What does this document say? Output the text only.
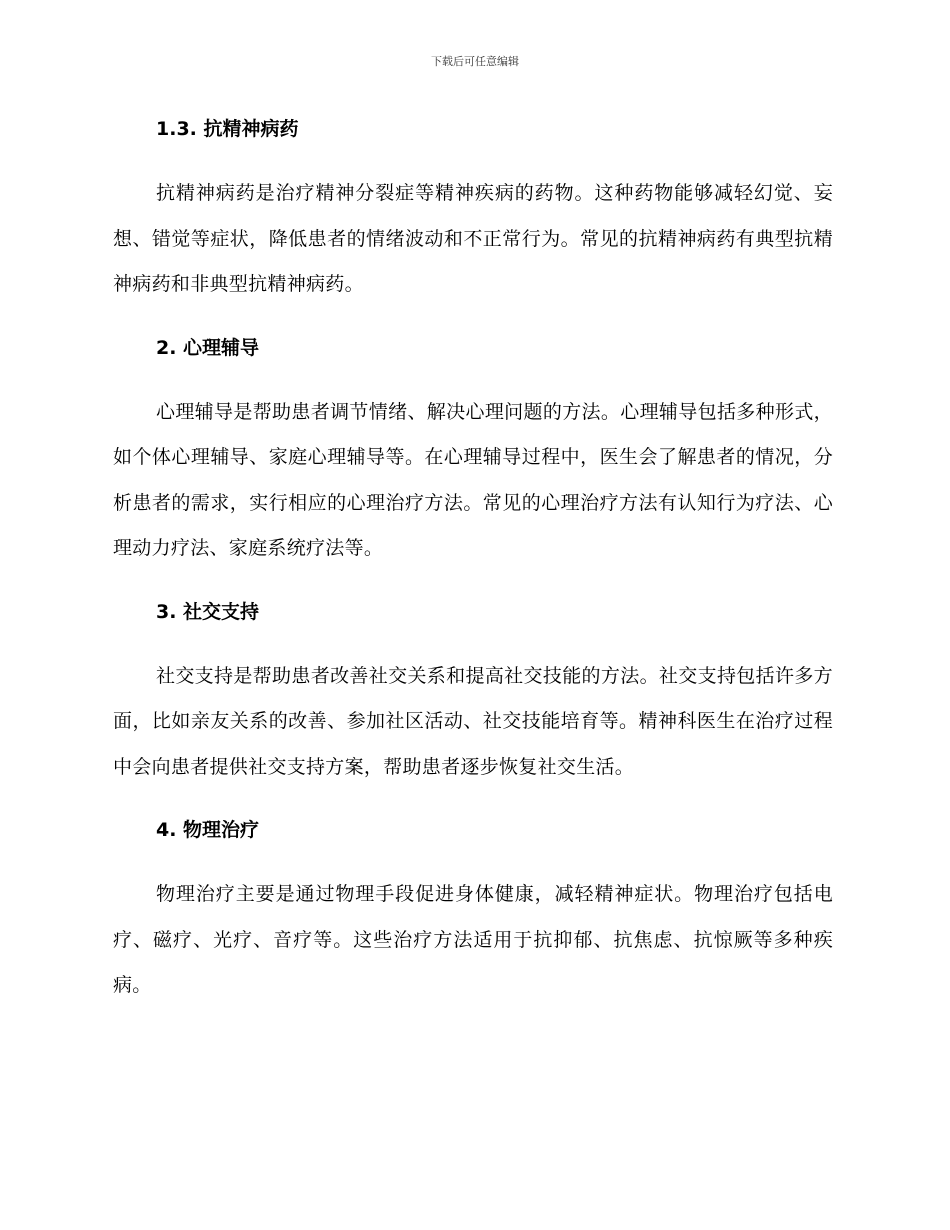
下载后可任意编辑
1.3. 抗精神病药

抗精神病药是治疗精神分裂症等精神疾病的药物。这种药物能够减轻幻觉、妄想、错觉等症状，降低患者的情绪波动和不正常行为。常见的抗精神病药有典型抗精神病药和非典型抗精神病药。

2. 心理辅导

心理辅导是帮助患者调节情绪、解决心理问题的方法。心理辅导包括多种形式，如个体心理辅导、家庭心理辅导等。在心理辅导过程中，医生会了解患者的情况，分析患者的需求，实行相应的心理治疗方法。常见的心理治疗方法有认知行为疗法、心理动力疗法、家庭系统疗法等。

3. 社交支持

社交支持是帮助患者改善社交关系和提高社交技能的方法。社交支持包括许多方面，比如亲友关系的改善、参加社区活动、社交技能培育等。精神科医生在治疗过程中会向患者提供社交支持方案，帮助患者逐步恢复社交生活。

4. 物理治疗

物理治疗主要是通过物理手段促进身体健康，减轻精神症状。物理治疗包括电疗、磁疗、光疗、音疗等。这些治疗方法适用于抗抑郁、抗焦虑、抗惊厥等多种疾病。
